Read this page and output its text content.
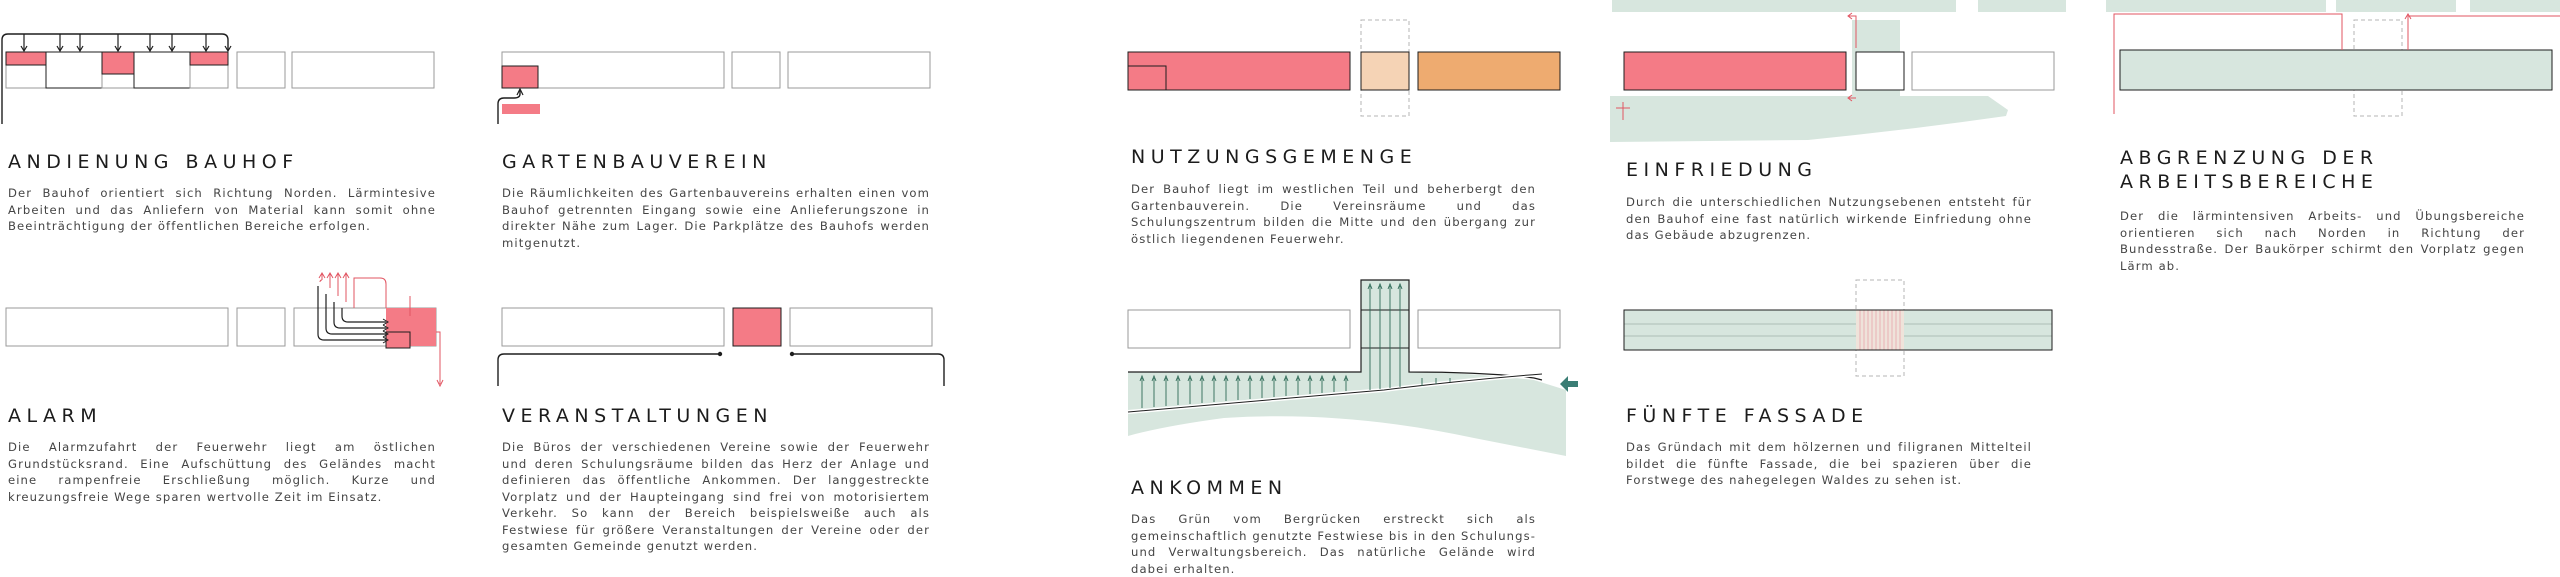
ANDIENUNG BAUHOF

Der Bauhof orientiert sich Richtung Norden. Lärmintesive Arbeiten und das Anliefern von Material kann somit ohne Beeinträchtigung der öffentlichen Bereiche erfolgen.

GARTENBAUVEREIN

Die Räumlichkeiten des Gartenbauvereins erhalten einen vom Bauhof getrennten Eingang sowie eine Anlieferungszone in direkter Nähe zum Lager. Die Parkplätze des Bauhofs werden mitgenutzt.

NUTZUNGSGEMENGE

Der Bauhof liegt im westlichen Teil und beherbergt den Gartenbauverein. Die Vereinsräume und das Schulungszentrum bilden die Mitte und den übergang zur östlich liegendenen Feuerwehr.

EINFRIEDUNG

Durch die unterschiedlichen Nutzungsebenen entsteht für den Bauhof eine fast natürlich wirkende Einfriedung ohne das Gebäude abzugrenzen.

ABGRENZUNG DER ARBEITSBEREICHE

Der die lärmintensiven Arbeits- und Übungsbereiche orientieren sich nach Norden in Richtung der Bundesstraße. Der Baukörper schirmt den Vorplatz gegen Lärm ab.

ALARM

Die Alarmzufahrt der Feuerwehr liegt am östlichen Grundstücksrand. Eine Aufschüttung des Geländes macht eine rampenfreie Erschließung möglich. Kurze und kreuzungsfreie Wege sparen wertvolle Zeit im Einsatz.

VERANSTALTUNGEN

Die Büros der verschiedenen Vereine sowie der Feuerwehr und deren Schulungsräume bilden das Herz der Anlage und definieren das öffentliche Ankommen. Der langgestreckte Vorplatz und der Haupteingang sind frei von motorisiertem Verkehr. So kann der Bereich beispielsweiße auch als Festwiese für größere Veranstaltungen der Vereine oder der gesamten Gemeinde genutzt werden.

ANKOMMEN

Das Grün vom Bergrücken erstreckt sich als gemeinschaftlich genutzte Festwiese bis in den Schulungs- und Verwaltungsbereich. Das natürliche Gelände wird dabei erhalten.

FÜNFTE FASSADE

Das Gründach mit dem hölzernen und filigranen Mittelteil bildet die fünfte Fassade, die bei spazieren über die Forstwege des nahegelegen Waldes zu sehen ist.
